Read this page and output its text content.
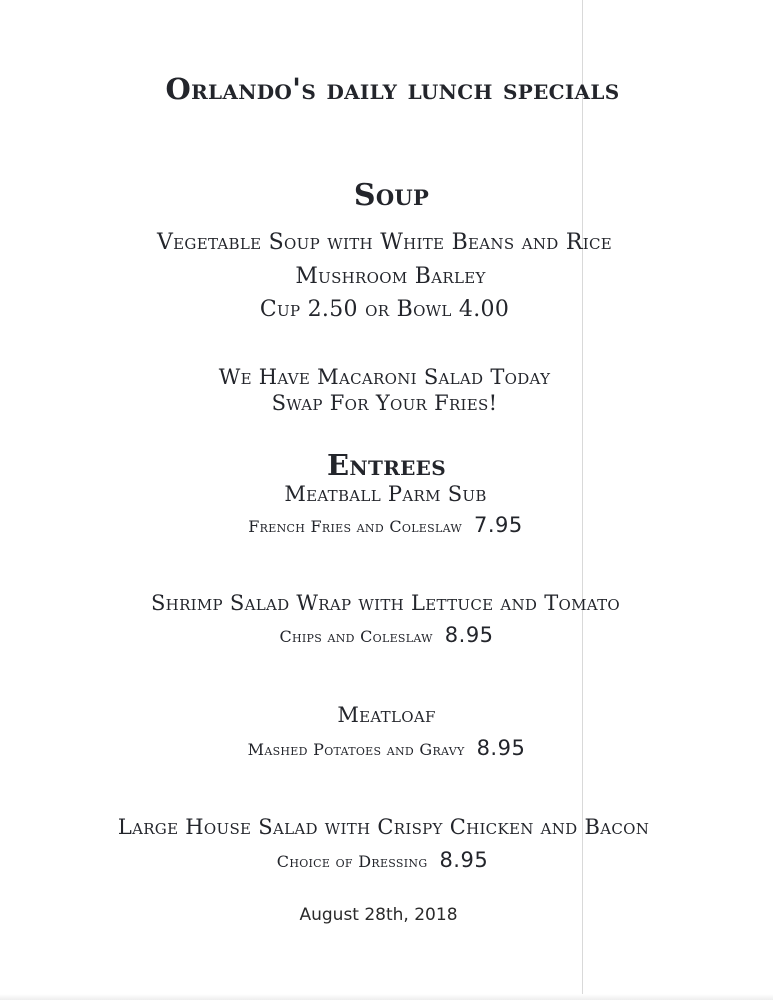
Orlando's daily lunch specials
Soup
Vegetable Soup with White Beans and Rice
Mushroom Barley
Cup 2.50 or Bowl 4.00
We Have Macaroni Salad Today
Swap For Your Fries!
Entrees
Meatball Parm Sub
French Fries and Coleslaw 7.95
Shrimp Salad Wrap with Lettuce and Tomato
Chips and Coleslaw 8.95
Meatloaf
Mashed Potatoes and Gravy 8.95
Large House Salad with Crispy Chicken and Bacon
Choice of Dressing 8.95
August 28th, 2018
